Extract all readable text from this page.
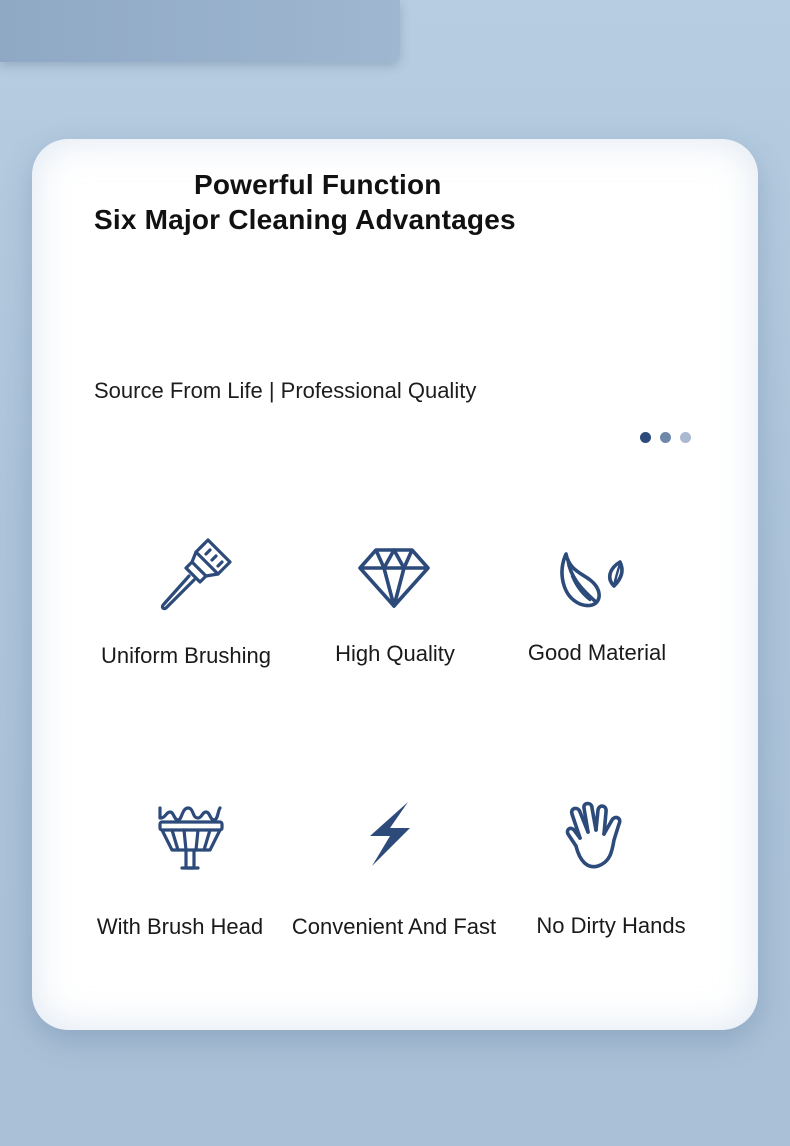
Powerful Function
Six Major Cleaning Advantages
Source From Life | Professional Quality
Uniform Brushing	High Quality	Good Material
With Brush Head Convenient And Fast No Dirty Hands
